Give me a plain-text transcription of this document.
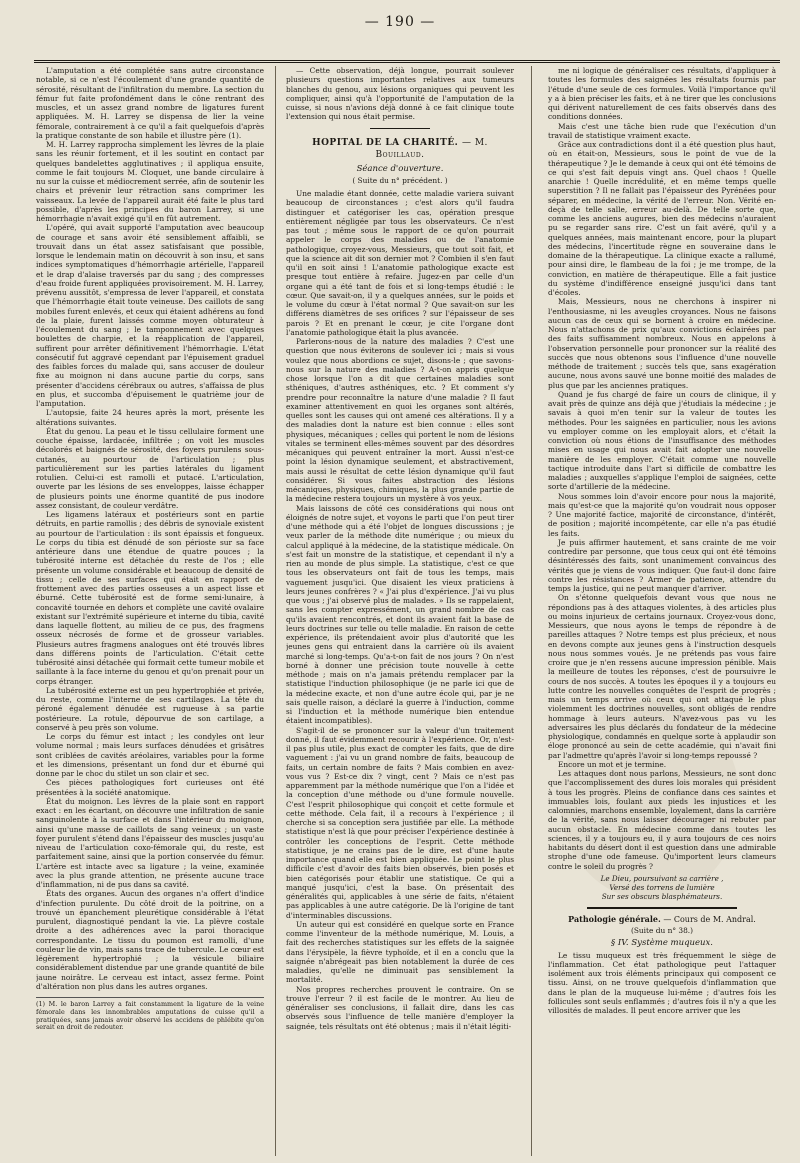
— 190 —

L'amputation a été complétée sans autre circonstance notable, si ce n'est l'écoulement d'une grande quantité de sérosité, résultant de l'infiltration du membre. La section du fémur fut faite profondément dans le cône rentrant des muscles, et un assez grand nombre de ligatures furent appliquées. M. H. Larrey se dispensa de lier la veine fémorale, contrairement à ce qu'il a fait quelquefois d'après la pratique constante de son habile et illustre père (1).

M. H. Larrey rapprocha simplement les lèvres de la plaie sans les réunir fortement, et il les soutint en contact par quelques bandelettes agglutinatives ; il appliqua ensuite, comme le fait toujours M. Cloquet, une bande circulaire à nu sur la cuisse et médiocrement serrée, afin de soutenir les chairs et prévenir leur rétraction sans comprimer les vaisseaux. La levée de l'appareil aurait été faite le plus tard possible, d'après les principes du baron Larrey, si une hémorrhagie n'avait exigé qu'il en fût autrement.

L'opéré, qui avait supporté l'amputation avec beaucoup de courage et sans avoir été sensiblement affaibli, se trouvait dans un état assez satisfaisant que possible, lorsque le lendemain matin on découvrit à son insu, et sans indices symptomatiques d'hémorrhagie artérielle, l'appareil et le drap d'alaise traversés par du sang ; des compresses d'eau froide furent appliquées provisoirement. M. H. Larrey, prévenu aussitôt, s'empressa de lever l'appareil, et constata que l'hémorrhagie était toute veineuse. Des caillots de sang mobiles furent enlevés, et ceux qui étaient adhérens au fond de la plaie, furent laissés comme moyen obturateur à l'écoulement du sang ; le tamponnement avec quelques boulettes de charpie, et la réapplication de l'appareil, suffirent pour arrêter définitivement l'hémorrhagie. L'état consécutif fut aggravé cependant par l'épuisement graduel des faibles forces du malade qui, sans accuser de douleur fixe au moignon ni dans aucune partie du corps, sans présenter d'accidens cérébraux ou autres, s'affaissa de plus en plus, et succomba d'épuisement le quatrième jour de l'amputation.

L'autopsie, faite 24 heures après la mort, présente les altérations suivantes.

État du genou. La peau et le tissu cellulaire forment une couche épaisse, lardacée, infiltrée ; on voit les muscles décolorés et baignés de sérosité, des foyers purulens sous-cutanés, au pourtour de l'articulation ; plus particulièrement sur les parties latérales du ligament rotulien. Celui-ci est ramolli et putacé. L'articulation, ouverte par les lésions de ses enveloppes, laisse échapper de plusieurs points une énorme quantité de pus inodore assez consistant, de couleur verdâtre.

Les ligamens latéraux et postérieurs sont en partie détruits, en partie ramollis ; des débris de synoviale existent au pourtour de l'articulation : ils sont épaissis et fongueux. Le corps du tibia est dénudé de son périoste sur sa face antérieure dans une étendue de quatre pouces ; la tubérosité interne est détachée du reste de l'os ; elle présente un volume considérable et beaucoup de densité de tissu ; celle de ses surfaces qui était en rapport de frottement avec des parties osseuses a un aspect lisse et éburné. Cette tubérosité est de forme semi-lunaire, à concavité tournée en dehors et complète une cavité ovalaire existant sur l'extrémité supérieure et interne du tibia, cavité dans laquelle flottent, au milieu de ce pus, des fragmens osseux nécrosés de forme et de grosseur variables. Plusieurs autres fragmens analogues ont été trouvés libres dans différens points de l'articulation. C'était cette tubérosité ainsi détachée qui formait cette tumeur mobile et saillante à la face interne du genou et qu'on prenait pour un corps étranger.

La tubérosité externe est un peu hypertrophiée et privée, du reste, comme l'interne de ses cartilages. La tête du péroné également dénudée est rugueuse à sa partie postérieure. La rotule, dépourvue de son cartilage, a conservé à peu près son volume.

Le corps du fémur est intact ; les condyles ont leur volume normal ; mais leurs surfaces dénudées et grisâtres sont criblées de cavités aréolaires, variables pour la forme et les dimensions, présentant un fond dur et éburné qui donne par le choc du stilet un son clair et sec.

Ces pièces pathologiques fort curieuses ont été présentées à la société anatomique.

État du moignon. Les lèvres de la plaie sont en rapport exact : en les écartant, on découvre une infiltration de sanie sanguinolente à la surface et dans l'intérieur du moignon, ainsi qu'une masse de caillots de sang veineux ; un vaste foyer purulent s'étend dans l'épaisseur des muscles jusqu'au niveau de l'articulation coxo-fémorale qui, du reste, est parfaitement saine, ainsi que la portion conservée du fémur. L'artère est intacte avec sa ligature ; la veine, examinée avec la plus grande attention, ne présente aucune trace d'inflammation, ni de pus dans sa cavité.

États des organes. Aucun des organes n'a offert d'indice d'infection purulente. Du côté droit de la poitrine, on a trouvé un épanchement pleurétique considérable à l'état purulent, diagnostiqué pendant la vie. La plèvre costale droite a des adhérences avec la paroi thoracique correspondante. Le tissu du poumon est ramolli, d'une couleur lie de vin, mais sans trace de tubercule. Le cœur est légèrement hypertrophié ; la vésicule biliaire considérablement distendue par une grande quantité de bile jaune noirâtre. Le cerveau est intact, assez ferme. Point d'altération non plus dans les autres organes.

(1) M. le baron Larrey a fait constamment la ligature de la veine fémorale dans les innombrables amputations de cuisse qu'il a pratiquées, sans jamais avoir observé les accidens de phlébite qu'on serait en droit de redouter.

— Cette observation, déjà longue, pourrait soulever plusieurs questions importantes relatives aux tumeurs blanches du genou, aux lésions organiques qui peuvent les compliquer, ainsi qu'à l'opportunité de l'amputation de la cuisse, si nous n'avions déjà donné à ce fait clinique toute l'extension qui nous était permise.

HOPITAL DE LA CHARITÉ. — M. Bouillaud.
Séance d'ouverture.
( Suite du n° précédent. )

Une maladie étant donnée, cette maladie variera suivant beaucoup de circonstances ; c'est alors qu'il faudra distinguer et catégoriser les cas, opération presque entièrement négligée par tous les observateurs. Ce n'est pas tout ; même sous le rapport de ce qu'on pourrait appeler le corps des maladies ou de l'anatomie pathologique, croyez-vous, Messieurs, que tout soit fait, et que la science ait dit son dernier mot ? Combien il s'en faut qu'il en soit ainsi ! L'anatomie pathologique exacte est presque tout entière à refaire. Jugez-en par celle d'un organe qui a été tant de fois et si long-temps étudié : le cœur. Que savait-on, il y a quelques années, sur le poids et le volume du cœur à l'état normal ? Que savait-on sur les différens diamètres de ses orifices ? sur l'épaisseur de ses parois ? Et en prenant le cœur, je cite l'organe dont l'anatomie pathologique était la plus avancée.

Parlerons-nous de la nature des maladies ? C'est une question que nous éviterons de soulever ici ; mais si vous voulez que nous abordions ce sujet, disons-le ; que savons-nous sur la nature des maladies ? A-t-on appris quelque chose lorsque l'on a dit que certaines maladies sont sthéniques, d'autres asthéniques, etc. ? Et comment s'y prendre pour reconnaître la nature d'une maladie ? Il faut examiner attentivement en quoi les organes sont altérés, quelles sont les causes qui ont amené ces altérations. Il y a des maladies dont la nature est bien connue : elles sont physiques, mécaniques ; celles qui portent le nom de lésions vitales se terminent elles-mêmes souvent par des désordres mécaniques qui peuvent entraîner la mort. Aussi n'est-ce point la lésion dynamique seulement, et abstractivement, mais aussi le résultat de cette lésion dynamique qu'il faut considérer. Si vous faites abstraction des lésions mécaniques, physiques, chimiques, la plus grande partie de la médecine restera toujours un mystère à vos yeux.

Mais laissons de côté ces considérations qui nous ont éloignés de notre sujet, et voyons le parti que l'on peut tirer d'une méthode qui a été l'objet de longues discussions ; je veux parler de la méthode dite numérique ; ou mieux du calcul appliqué à la médecine, de la statistique médicale. On s'est fait un monstre de la statistique, et cependant il n'y a rien au monde de plus simple. La statistique, c'est ce que tous les observateurs ont fait de tous les temps, mais vaguement jusqu'ici. Que disaient les vieux praticiens à leurs jeunes confrères ? « J'ai plus d'expérience. J'ai vu plus que vous ; j'ai observé plus de malades. » Ils se rappelaient, sans les compter expressément, un grand nombre de cas qu'ils avaient rencontrés, et dont ils avaient fait la base de leurs doctrines sur telle ou telle maladie. En raison de cette expérience, ils prétendaient avoir plus d'autorité que les jeunes gens qui entraient dans la carrière où ils avaient marché si long-temps. Qu'a-t-on fait de nos jours ? On n'est borné à donner une précision toute nouvelle à cette méthode ; mais on n'a jamais prétendu remplacer par la statistique l'induction philosophique (je ne parle ici que de la médecine exacte, et non d'une autre école qui, par je ne sais quelle raison, a déclaré la guerre à l'induction, comme si l'induction et la méthode numérique bien entendue étaient incompatibles).

S'agit-il de se prononcer sur la valeur d'un traitement donné, il faut évidemment recourir à l'expérience. Or, n'est-il pas plus utile, plus exact de compter les faits, que de dire vaguement : j'ai vu un grand nombre de faits, beaucoup de faits, un certain nombre de faits ? Mais combien en avez-vous vus ? Est-ce dix ? vingt, cent ? Mais ce n'est pas apparemment par la méthode numérique que l'on a l'idée et la conception d'une méthode ou d'une formule nouvelle. C'est l'esprit philosophique qui conçoit et cette formule et cette méthode. Cela fait, il a recours à l'expérience ; il cherche si sa conception sera justifiée par elle. La méthode statistique n'est là que pour préciser l'expérience destinée à contrôler les conceptions de l'esprit. Cette méthode statistique, je ne crains pas de le dire, est d'une haute importance quand elle est bien appliquée. Le point le plus difficile c'est d'avoir des faits bien observés, bien posés et bien catégorisés pour établir une statistique. Ce qui a manqué jusqu'ici, c'est la base. On présentait des généralités qui, applicables à une série de faits, n'étaient pas applicables à une autre catégorie. De là l'origine de tant d'interminables discussions.

Un auteur qui est considéré en quelque sorte en France comme l'inventeur de la méthode numérique, M. Louis, a fait des recherches statistiques sur les effets de la saignée dans l'érysipèle, la fièvre typhoïde, et il en a conclu que la saignée n'abrégeait pas bien notablement la durée de ces maladies, qu'elle ne diminuait pas sensiblement la mortalité.

Nos propres recherches prouvent le contraire. On se trouve l'erreur ? il est facile de le montrer. Au lieu de généraliser ses conclusions, il fallait dire, dans les cas observés sous l'influence de telle manière d'employer la saignée, tels résultats ont été obtenus ; mais il n'était légiti-

me ni logique de généraliser ces résultats, d'appliquer à toutes les formules des saignées les résultats fournis par l'étude d'une seule de ces formules. Voilà l'importance qu'il y a à bien préciser les faits, et à ne tirer que les conclusions qui dérivent naturellement de ces faits observés dans des conditions données.

Mais c'est une tâche bien rude que l'exécution d'un travail de statistique vraiment exacte.

Grâce aux contradictions dont il a été question plus haut, où en était-on, Messieurs, sous le point de vue de la thérapeutique ? Je le demande à ceux qui ont été témoins de ce qui s'est fait depuis vingt ans. Quel chaos ! Quelle anarchie ! Quelle incrédulité, et en même temps quelle superstition ? Il ne fallait pas l'épaisseur des Pyrénées pour séparer, en médecine, la vérité de l'erreur. Non. Vérité en-deçà de telle salle, erreur au-delà. De telle sorte que, comme les anciens augures, bien des médecins n'auraient pu se regarder sans rire. C'est un fait avéré, qu'il y a quelques années, mais maintenant encore, pour la plupart des médecins, l'incertitude règne en souveraine dans le domaine de la thérapeutique. La clinique exacte a rallumé, pour ainsi dire, le flambeau de la foi ; je me trompe, de la conviction, en matière de thérapeutique. Elle a fait justice du système d'indifférence enseigné jusqu'ici dans tant d'écoles.

Mais, Messieurs, nous ne cherchons à inspirer ni l'enthousiasme, ni les aveugles croyances. Nous ne faisons aucun cas de ceux qui se bornent à croire en médecine. Nous n'attachons de prix qu'aux convictions éclairées par des faits suffisamment nombreux. Nous en appelons à l'observation personnelle pour prononcer sur la réalité des succès que nous obtenons sous l'influence d'une nouvelle méthode de traitement ; succès tels que, sans exagération aucune, nous avons sauvé une bonne moitié des malades de plus que par les anciennes pratiques.

Quand je fus chargé de faire un cours de clinique, il y avait près de quinze ans déjà que j'étudiais la médecine ; je savais à quoi m'en tenir sur la valeur de toutes les méthodes. Pour les saignées en particulier, nous les avions vu employer comme on les employait alors, et c'était la conviction où nous étions de l'insuffisance des méthodes mises en usage qui nous avait fait adopter une nouvelle manière de les employer. C'était comme une nouvelle tactique introduite dans l'art si difficile de combattre les maladies ; auxquelles s'applique l'emploi de saignées, cette sorte d'artillerie de la médecine.

Nous sommes loin d'avoir encore pour nous la majorité, mais qu'est-ce que la majorité qu'on voudrait nous opposer ? Une majorité factice, majorité de circonstance, d'intérêt, de position ; majorité incompétente, car elle n'a pas étudié les faits.

Je puis affirmer hautement, et sans crainte de me voir contredire par personne, que tous ceux qui ont été témoins désintéressés des faits, sont unanimement convaincus des vérités que je viens de vous indiquer. Que faut-il donc faire contre les résistances ? Armer de patience, attendre du temps la justice, qui ne peut manquer d'arriver.

On s'étonne quelquefois devant vous que nous ne répondions pas à des attaques violentes, à des articles plus ou moins injurieux de certains journaux. Croyez-vous donc, Messieurs, que nous ayons le temps de répondre à de pareilles attaques ? Notre temps est plus précieux, et nous en devons compte aux jeunes gens à l'instruction desquels nous nous sommes voués. Je ne prétends pas vous faire croire que je n'en ressens aucune impression pénible. Mais la meilleure de toutes les réponses, c'est de poursuivre le cours de nos succès. A toutes les époques il y a toujours eu lutte contre les nouvelles conquêtes de l'esprit de progrès ; mais un temps arrive où ceux qui ont attaqué le plus violemment les doctrines nouvelles, sont obligés de rendre hommage à leurs auteurs. N'avez-vous pas vu les adversaires les plus déclarés du fondateur de la médecine physiologique, condamnés en quelque sorte à applaudir son éloge prononcé au sein de cette académie, qui n'avait fini par l'admettre qu'après l'avoir si long-temps repoussé ?

Encore un mot et je termine.

Les attaques dont nous parlons, Messieurs, ne sont donc que l'accomplissement des dures lois morales qui président à tous les progrès. Pleins de confiance dans ces saintes et immuables lois, foulant aux pieds les injustices et les calomnies, marchons ensemble, loyalement, dans la carrière de la vérité, sans nous laisser décourager ni rebuter par aucun obstacle. En médecine comme dans toutes les sciences, il y a toujours eu, il y aura toujours de ces noirs habitants du désert dont il est question dans une admirable strophe d'une ode fameuse. Qu'importent leurs clameurs contre le soleil du progrès ?

Le Dieu, poursuivant sa carrière ,
Versé des torrens de lumière
Sur ses obscurs blasphémateurs.
Pathologie générale. — Cours de M. Andral.
(Suite du n° 38.)
§ IV. Système muqueux.

Le tissu muqueux est très fréquemment le siège de l'inflammation. Cet état pathologique peut l'attaquer isolément aux trois éléments principaux qui composent ce tissu. Ainsi, on ne trouve quelquefois d'inflammation que dans le plan de la muqueuse lui-même ; d'autres fois les follicules sont seuls enflammés ; d'autres fois il n'y a que les villosités de malades. Il peut encore arriver que les
